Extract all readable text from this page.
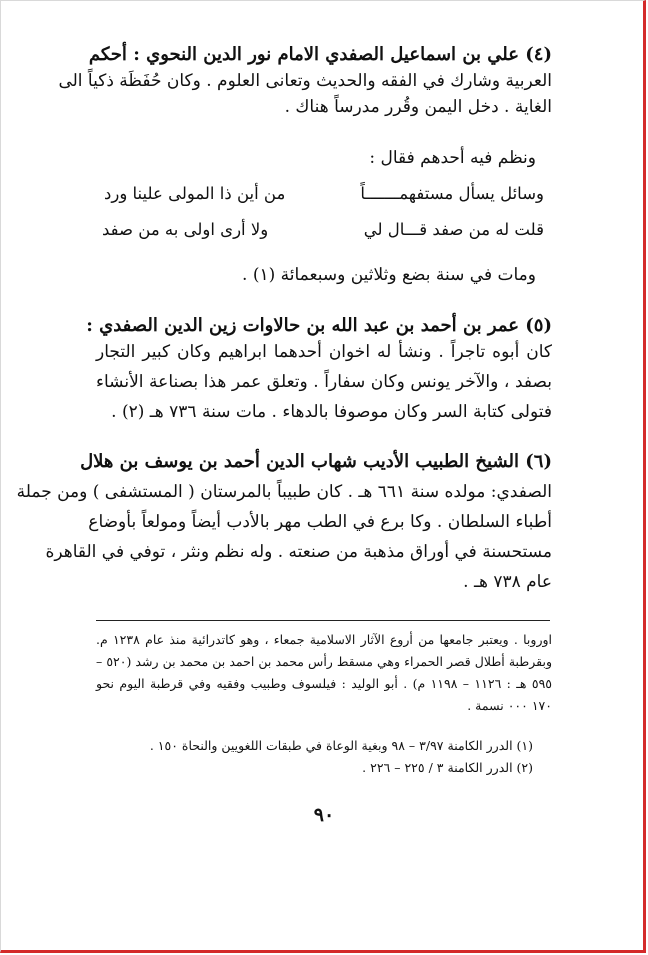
(٤) علي بن اسماعيل الصفدي الامام نور الدين النحوي : أحكم
العربية وشارك في الفقه والحديث وتعانى العلوم . وكان حُفَظَة ذكياً الى
الغاية . دخل اليمن وقُرر مدرساً هناك .
ونظم فيه أحدهم فقال :
وسائل يسأل مستفهمـــــــاً
من أين ذا المولى علينا ورد
قلت له من صفد قـــال لي
ولا أرى اولى به من صفد
ومات في سنة بضع وثلاثين وسبعمائة (١) .
(٥) عمر بن أحمد بن عبد الله بن حالاوات زين الدين الصفدي :
كان أبوه تاجراً . ونشأ له اخوان أحدهما ابراهيم وكان كبير التجار
بصفد ، والآخر يونس وكان سفاراً . وتعلق عمر هذا بصناعة الأنشاء
فتولى كتابة السر وكان موصوفا بالدهاء . مات سنة ٧٣٦ هـ (٢) .
(٦) الشيخ الطبيب الأديب شهاب الدين أحمد بن يوسف بن هلال
الصفدي: مولده سنة ٦٦١ هـ . كان طبيباً بالمرستان ( المستشفى ) ومن جملة
أطباء السلطان . وكا برع في الطب مهر بالأدب أيضاً ومولعاً بأوضاع
مستحسنة في أوراق مذهبة من صنعته . وله نظم ونثر ، توفي في القاهرة
عام ٧٣٨ هـ .
اوروبا . ويعتبر جامعها من أروع الآثار الاسلامية جمعاء ، وهو كاتدرائية منذ عام ١٢٣٨ م.
وبقرطبة أطلال قصر الحمراء وهي مسقط رأس محمد بن احمد بن محمد بن رشد (٥٢٠ –
٥٩٥ هـ : ١١٢٦ – ١١٩٨ م) . أبو الوليد : فيلسوف وطبيب وفقيه وفي قرطبة اليوم نحو
١٧٠ ٠٠٠ نسمة .
(١) الدرر الكامنة ٣/٩٧ – ٩٨ وبغية الوعاة في طبقات اللغويين والنحاة ١٥٠ .
(٢) الدرر الكامنة ٣ / ٢٢٥ – ٢٢٦ .
٩٠
